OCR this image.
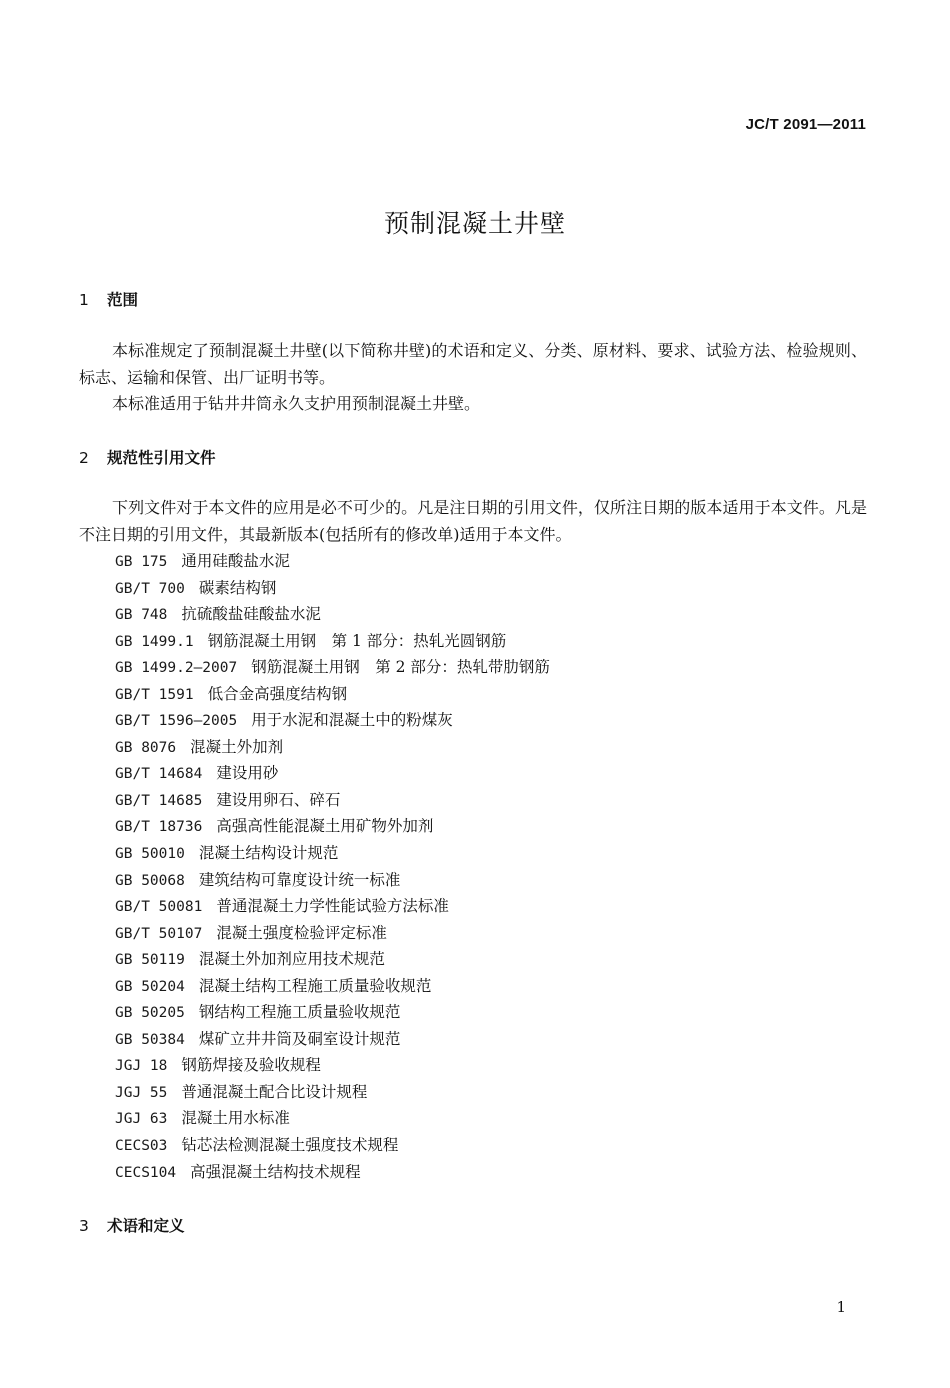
JC/T 2091—2011
预制混凝土井壁
1 范围
本标准规定了预制混凝土井壁(以下简称井壁)的术语和定义、分类、原材料、要求、试验方法、检验规则、标志、运输和保管、出厂证明书等。
本标准适用于钻井井筒永久支护用预制混凝土井壁。
2 规范性引用文件
下列文件对于本文件的应用是必不可少的。凡是注日期的引用文件，仅所注日期的版本适用于本文件。凡是不注日期的引用文件，其最新版本(包括所有的修改单)适用于本文件。
GB 175 通用硅酸盐水泥
GB/T 700 碳素结构钢
GB 748 抗硫酸盐硅酸盐水泥
GB 1499.1 钢筋混凝土用钢　第 1 部分：热轧光圆钢筋
GB 1499.2—2007 钢筋混凝土用钢　第 2 部分：热轧带肋钢筋
GB/T 1591 低合金高强度结构钢
GB/T 1596—2005 用于水泥和混凝土中的粉煤灰
GB 8076 混凝土外加剂
GB/T 14684 建设用砂
GB/T 14685 建设用卵石、碎石
GB/T 18736 高强高性能混凝土用矿物外加剂
GB 50010 混凝土结构设计规范
GB 50068 建筑结构可靠度设计统一标准
GB/T 50081 普通混凝土力学性能试验方法标准
GB/T 50107 混凝土强度检验评定标准
GB 50119 混凝土外加剂应用技术规范
GB 50204 混凝土结构工程施工质量验收规范
GB 50205 钢结构工程施工质量验收规范
GB 50384 煤矿立井井筒及硐室设计规范
JGJ 18 钢筋焊接及验收规程
JGJ 55 普通混凝土配合比设计规程
JGJ 63 混凝土用水标准
CECS03 钻芯法检测混凝土强度技术规程
CECS104 高强混凝土结构技术规程
3 术语和定义
1
